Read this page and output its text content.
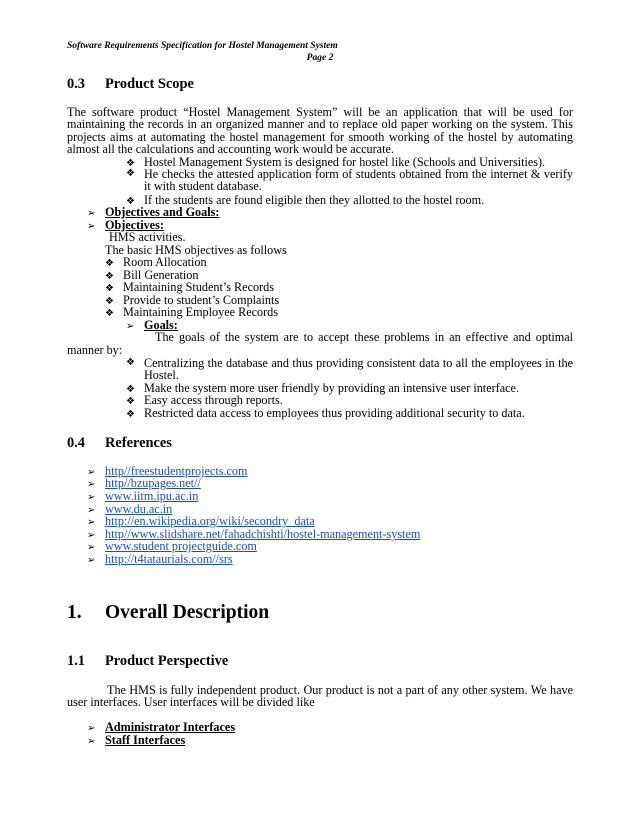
Software Requirements Specification for Hostel Management System
Page 2
0.3 Product Scope
The software product “Hostel Management System” will be an application that will be used for maintaining the records in an organized manner and to replace old paper working on the system. This projects aims at automating the hostel management for smooth working of the hostel by automating almost all the calculations and accounting work would be accurate.
❖ Hostel Management System is designed for hostel like (Schools and Universities).
❖ He checks the attested application form of students obtained from the internet & verify it with student database.
❖ If the students are found eligible then they allotted to the hostel room.
➢ Objectives and Goals:
➢ Objectives:
HMS activities.
The basic HMS objectives as follows
❖ Room Allocation
❖ Bill Generation
❖ Maintaining Student’s Records
❖ Provide to student’s Complaints
❖ Maintaining Employee Records
➢ Goals:
The goals of the system are to accept these problems in an effective and optimal
manner by:
❖ Centralizing the database and thus providing consistent data to all the employees in the Hostel.
❖ Make the system more user friendly by providing an intensive user interface.
❖ Easy access through reports.
❖ Restricted data access to employees thus providing additional security to data.
0.4 References
➢ http//freestudentprojects.com
➢ http//bzupages.net//
➢ www.iitm.ipu.ac.in
➢ www.du.ac.in
➢ http://en.wikipedia.org/wiki/secondry_data
➢ http//www.slidshare.net/fahadchishti/hostel-management-system
➢ www.student projectguide.com
➢ http://t4tataurials.com//srs
1. Overall Description
1.1 Product Perspective
The HMS is fully independent product. Our product is not a part of any other system. We have user interfaces. User interfaces will be divided like
➢ Administrator Interfaces
➢ Staff Interfaces
